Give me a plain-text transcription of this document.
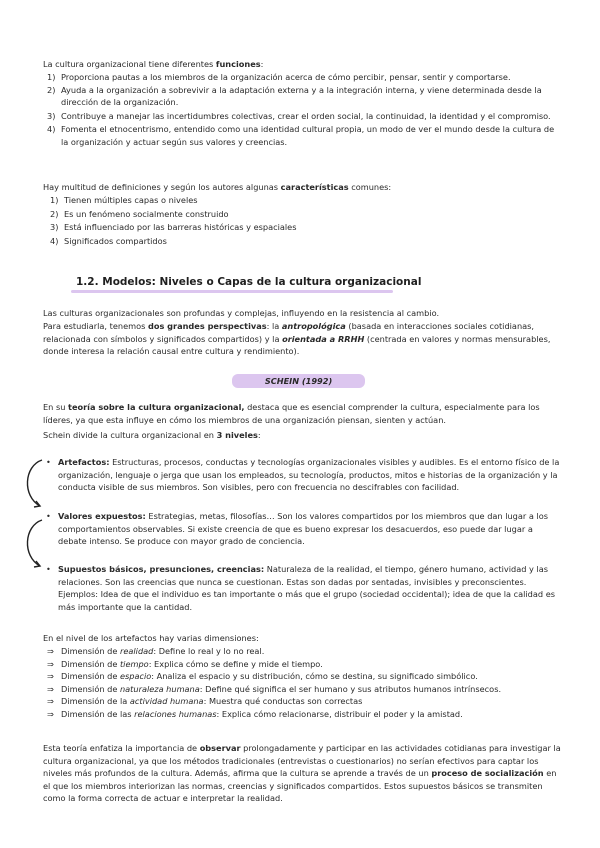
La cultura organizacional tiene diferentes funciones:

1) Proporciona pautas a los miembros de la organización acerca de cómo percibir, pensar, sentir y comportarse.
2) Ayuda a la organización a sobrevivir a la adaptación externa y a la integración interna, y viene determinada desde la dirección de la organización.
3) Contribuye a manejar las incertidumbres colectivas, crear el orden social, la continuidad, la identidad y el compromiso.
4) Fomenta el etnocentrismo, entendido como una identidad cultural propia, un modo de ver el mundo desde la cultura de la organización y actuar según sus valores y creencias.

Hay multitud de definiciones y según los autores algunas características comunes:

1) Tienen múltiples capas o niveles
2) Es un fenómeno socialmente construido
3) Está influenciado por las barreras históricas y espaciales
4) Significados compartidos
1.2. Modelos: Niveles o Capas de la cultura organizacional

Las culturas organizacionales son profundas y complejas, influyendo en la resistencia al cambio.

Para estudiarla, tenemos dos grandes perspectivas: la antropológica (basada en interacciones sociales cotidianas, relacionada con símbolos y significados compartidos) y la orientada a RRHH (centrada en valores y normas mensurables, donde interesa la relación causal entre cultura y rendimiento).

SCHEIN (1992)

En su teoría sobre la cultura organizacional, destaca que es esencial comprender la cultura, especialmente para los líderes, ya que esta influye en cómo los miembros de una organización piensan, sienten y actúan.

Schein divide la cultura organizacional en 3 niveles:

• Artefactos: Estructuras, procesos, conductas y tecnologías organizacionales visibles y audibles. Es el entorno físico de la organización, lenguaje o jerga que usan los empleados, su tecnología, productos, mitos e historias de la organización y la conducta visible de sus miembros. Son visibles, pero con frecuencia no descifrables con facilidad.

• Valores expuestos: Estrategias, metas, filosofías… Son los valores compartidos por los miembros que dan lugar a los comportamientos observables. Si existe creencia de que es bueno expresar los desacuerdos, eso puede dar lugar a debate intenso. Se produce con mayor grado de conciencia.

• Supuestos básicos, presunciones, creencias: Naturaleza de la realidad, el tiempo, género humano, actividad y las relaciones. Son las creencias que nunca se cuestionan. Estas son dadas por sentadas, invisibles y preconscientes. Ejemplos: Idea de que el individuo es tan importante o más que el grupo (sociedad occidental); idea de que la calidad es más importante que la cantidad.

En el nivel de los artefactos hay varias dimensiones:

⇒ Dimensión de realidad: Define lo real y lo no real.
⇒ Dimensión de tiempo: Explica cómo se define y mide el tiempo.
⇒ Dimensión de espacio: Analiza el espacio y su distribución, cómo se destina, su significado simbólico.
⇒ Dimensión de naturaleza humana: Define qué significa el ser humano y sus atributos humanos intrínsecos.
⇒ Dimensión de la actividad humana: Muestra qué conductas son correctas
⇒ Dimensión de las relaciones humanas: Explica cómo relacionarse, distribuir el poder y la amistad.

Esta teoría enfatiza la importancia de observar prolongadamente y participar en las actividades cotidianas para investigar la cultura organizacional, ya que los métodos tradicionales (entrevistas o cuestionarios) no serían efectivos para captar los niveles más profundos de la cultura. Además, afirma que la cultura se aprende a través de un proceso de socialización en el que los miembros interiorizan las normas, creencias y significados compartidos. Estos supuestos básicos se transmiten como la forma correcta de actuar e interpretar la realidad.
